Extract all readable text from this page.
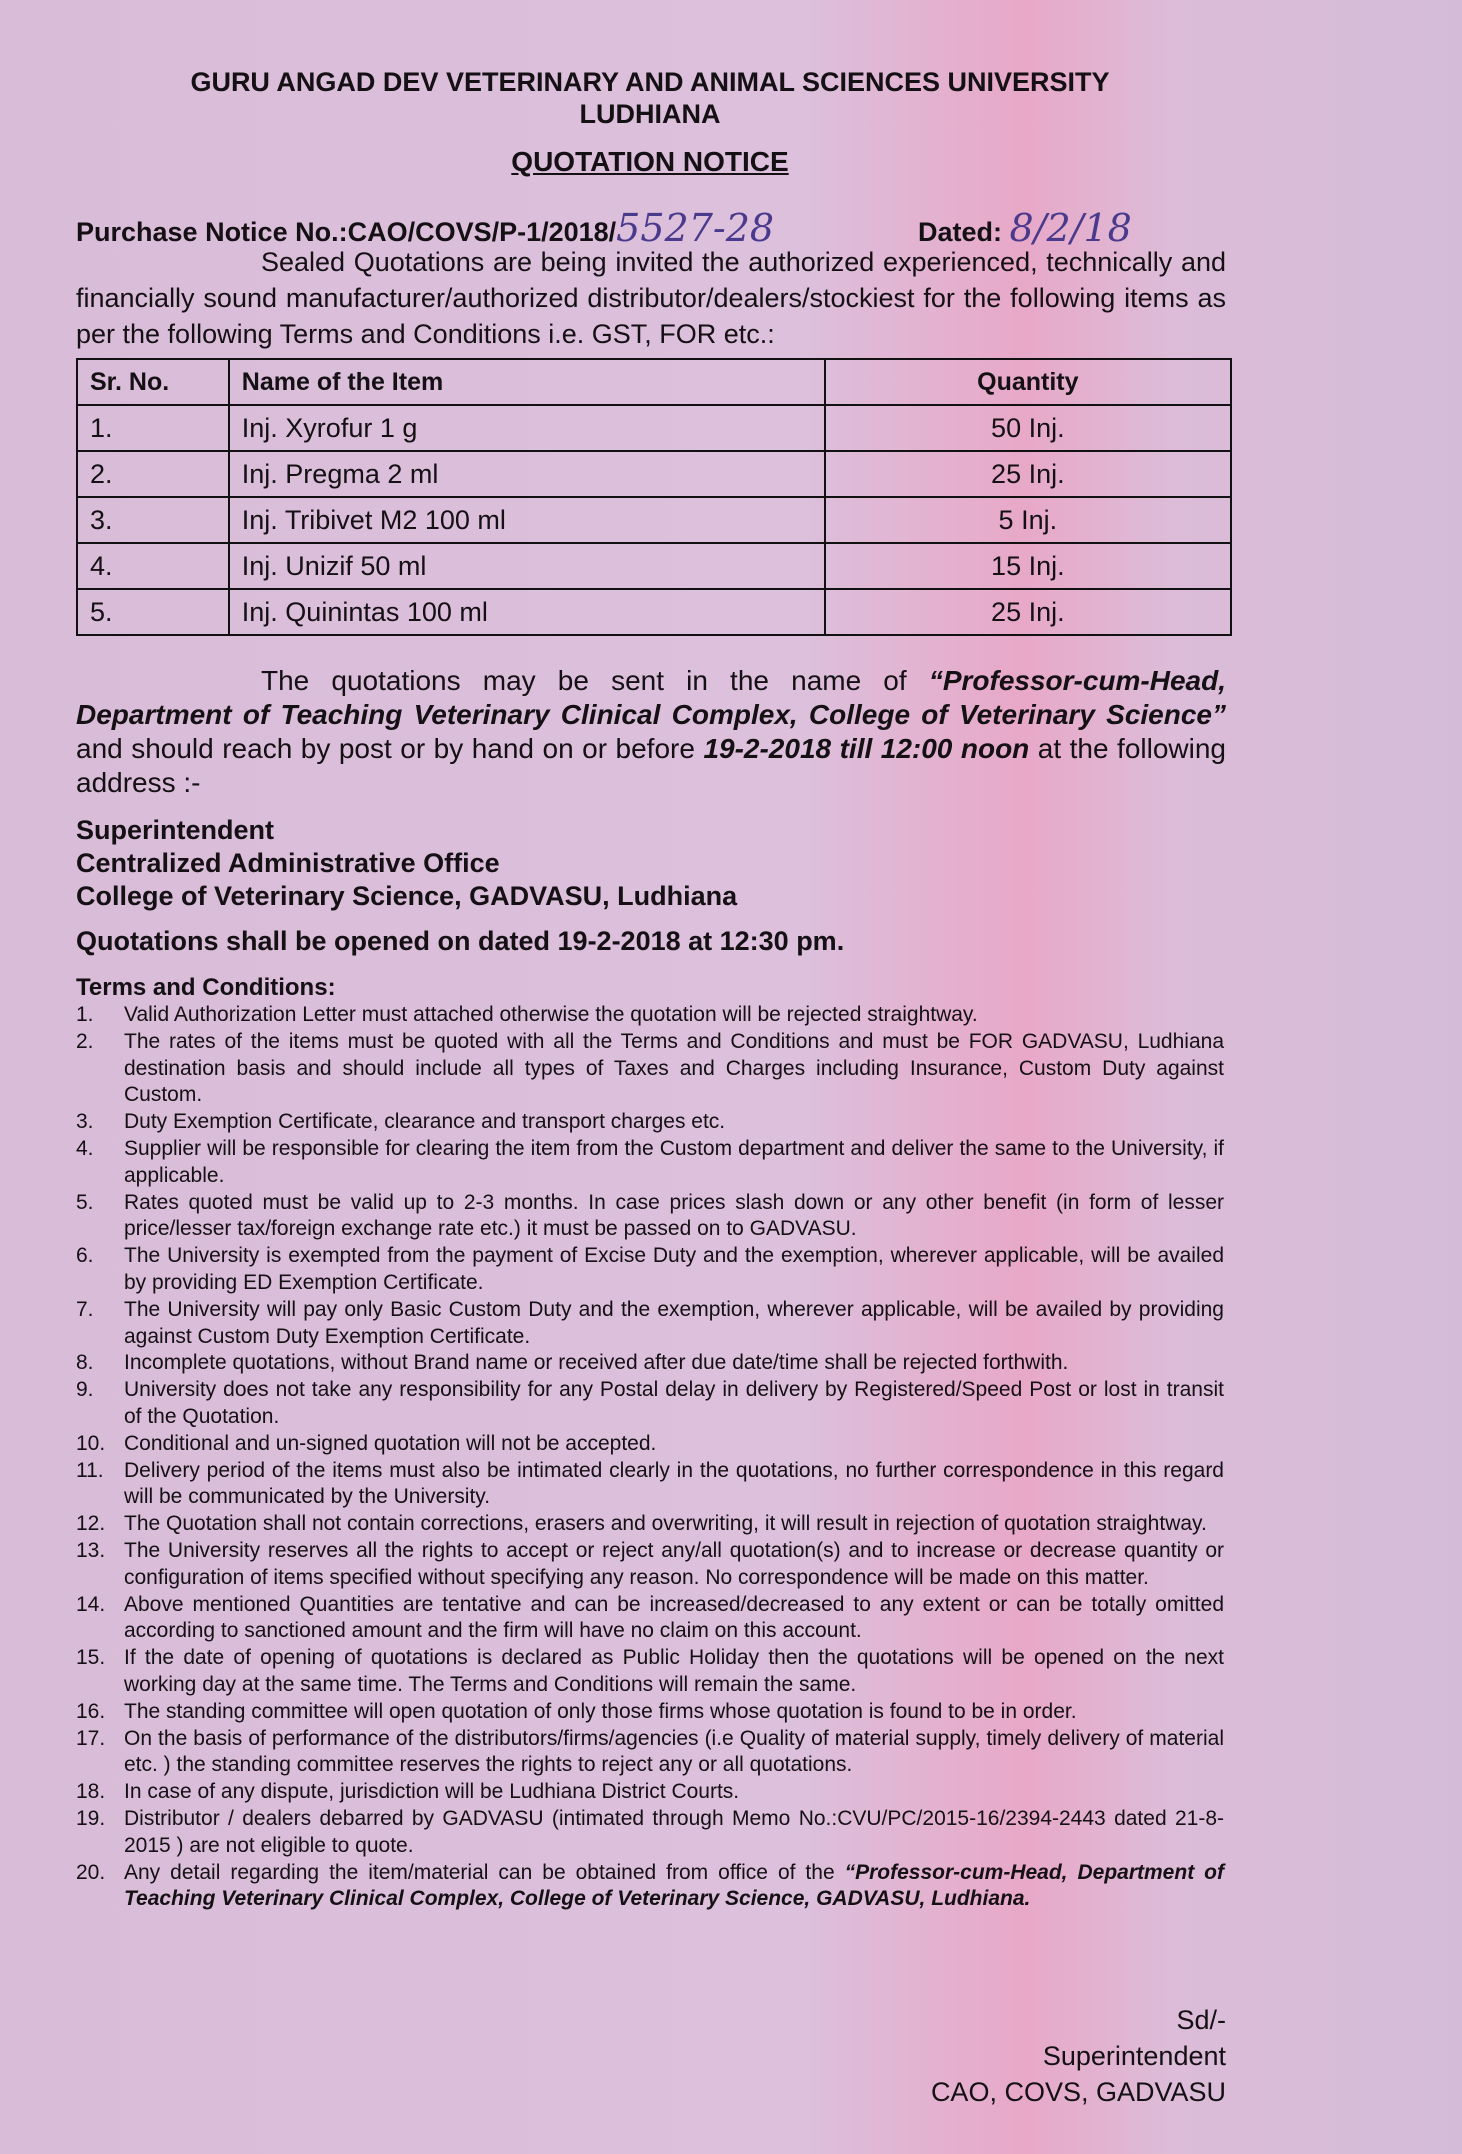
GURU ANGAD DEV VETERINARY AND ANIMAL SCIENCES UNIVERSITY
LUDHIANA
QUOTATION NOTICE
Purchase Notice No.:CAO/COVS/P-1/2018/5527-28	Dated: 8/2/18
Sealed Quotations are being invited the authorized experienced, technically and financially sound manufacturer/authorized distributor/dealers/stockiest for the following items as per the following Terms and Conditions i.e. GST, FOR etc.:
Sr. No.	Name of the Item	Quantity
1.	Inj. Xyrofur 1 g	50 Inj.
2.	Inj. Pregma 2 ml	25 Inj.
3.	Inj. Tribivet M2 100 ml	5 Inj.
4.	Inj. Unizif 50 ml	15 Inj.
5.	Inj. Quinintas 100 ml	25 Inj.
The quotations may be sent in the name of “Professor-cum-Head, Department of Teaching Veterinary Clinical Complex, College of Veterinary Science” and should reach by post or by hand on or before 19-2-2018 till 12:00 noon at the following address :-
Superintendent
Centralized Administrative Office
College of Veterinary Science, GADVASU, Ludhiana
Quotations shall be opened on dated 19-2-2018 at 12:30 pm.
Terms and Conditions:
1.	Valid Authorization Letter must attached otherwise the quotation will be rejected straightway.
2.	The rates of the items must be quoted with all the Terms and Conditions and must be FOR GADVASU, Ludhiana destination basis and should include all types of Taxes and Charges including Insurance, Custom Duty against Custom.
3.	Duty Exemption Certificate, clearance and transport charges etc.
4.	Supplier will be responsible for clearing the item from the Custom department and deliver the same to the University, if applicable.
5.	Rates quoted must be valid up to 2-3 months. In case prices slash down or any other benefit (in form of lesser price/lesser tax/foreign exchange rate etc.) it must be passed on to GADVASU.
6.	The University is exempted from the payment of Excise Duty and the exemption, wherever applicable, will be availed by providing ED Exemption Certificate.
7.	The University will pay only Basic Custom Duty and the exemption, wherever applicable, will be availed by providing against Custom Duty Exemption Certificate.
8.	Incomplete quotations, without Brand name or received after due date/time shall be rejected forthwith.
9.	University does not take any responsibility for any Postal delay in delivery by Registered/Speed Post or lost in transit of the Quotation.
10. Conditional and un-signed quotation will not be accepted.
11. Delivery period of the items must also be intimated clearly in the quotations, no further correspondence in this regard will be communicated by the University.
12. The Quotation shall not contain corrections, erasers and overwriting, it will result in rejection of quotation straightway.
13. The University reserves all the rights to accept or reject any/all quotation(s) and to increase or decrease quantity or configuration of items specified without specifying any reason. No correspondence will be made on this matter.
14. Above mentioned Quantities are tentative and can be increased/decreased to any extent or can be totally omitted according to sanctioned amount and the firm will have no claim on this account.
15. If the date of opening of quotations is declared as Public Holiday then the quotations will be opened on the next working day at the same time. The Terms and Conditions will remain the same.
16. The standing committee will open quotation of only those firms whose quotation is found to be in order.
17. On the basis of performance of the distributors/firms/agencies (i.e Quality of material supply, timely delivery of material etc. ) the standing committee reserves the rights to reject any or all quotations.
18. In case of any dispute, jurisdiction will be Ludhiana District Courts.
19. Distributor / dealers debarred by GADVASU (intimated through Memo No.:CVU/PC/2015-16/2394-2443 dated 21-8-2015 ) are not eligible to quote.
20. Any detail regarding the item/material can be obtained from office of the “Professor-cum-Head, Department of Teaching Veterinary Clinical Complex, College of Veterinary Science, GADVASU, Ludhiana.
Sd/-
Superintendent
CAO, COVS, GADVASU
